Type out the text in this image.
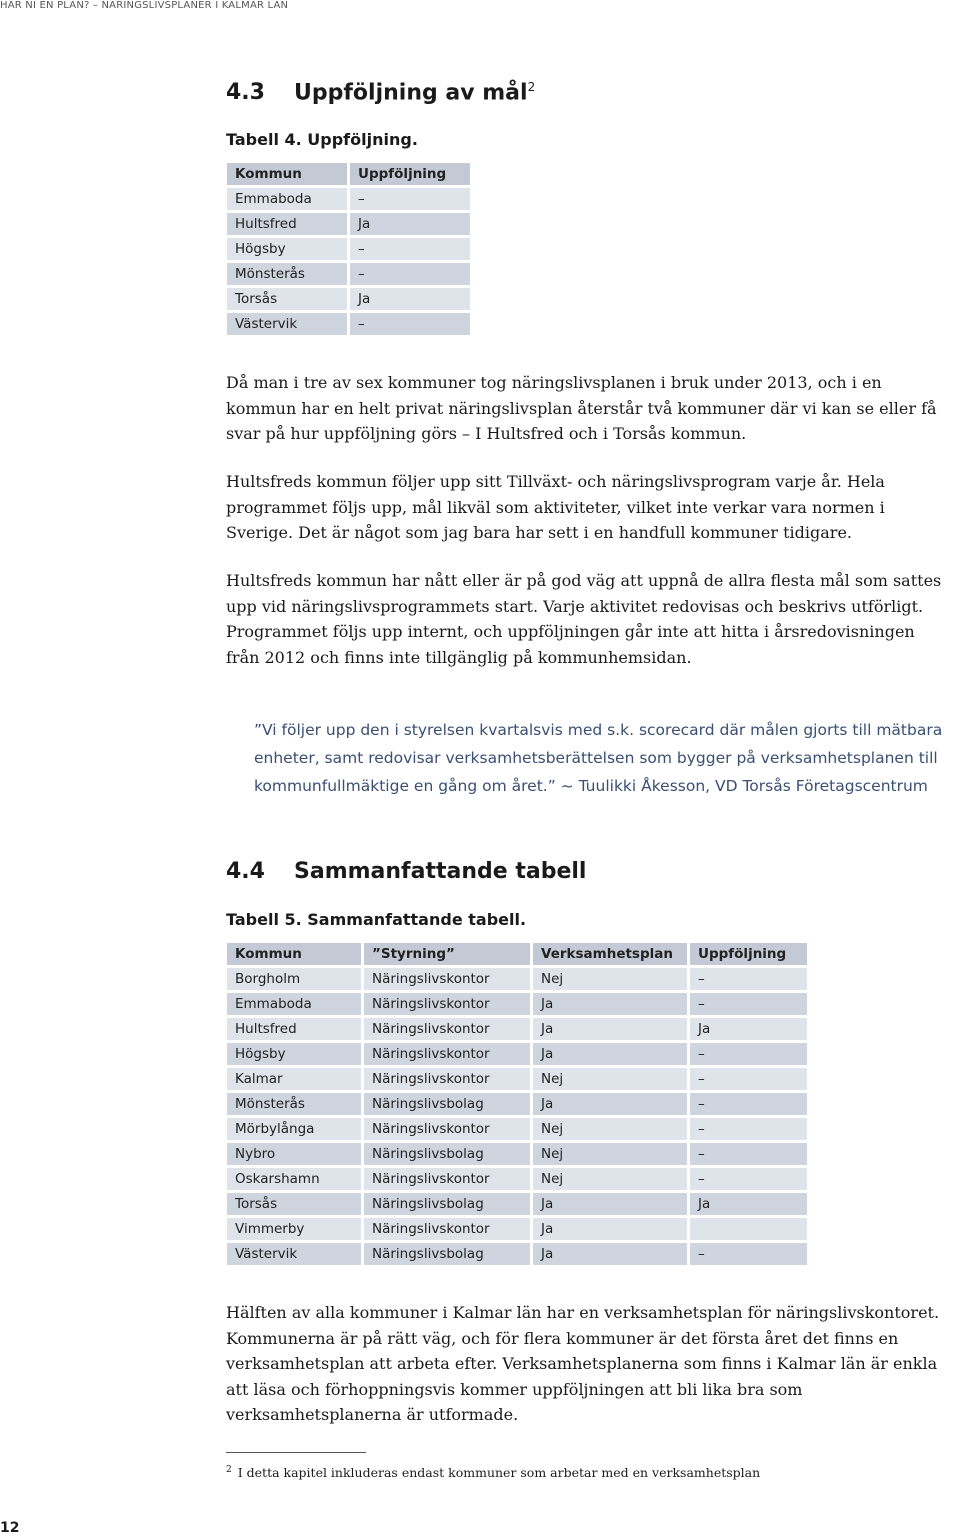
HAR NI EN PLAN? – NÄRINGSLIVSPLANER I KALMAR LÄN
4.3 Uppföljning av mål$^2$
Tabell 4. Uppföljning.
Kommun	Uppföljning
Emmaboda	–
Hultsfred	Ja
Högsby	–
Mönsterås	–
Torsås	Ja
Västervik	–

Då man i tre av sex kommuner tog näringslivsplanen i bruk under 2013, och i en kommun har en helt privat näringslivsplan återstår två kommuner där vi kan se eller få svar på hur uppföljning görs – I Hultsfred och i Torsås kommun.

Hultsfreds kommun följer upp sitt Tillväxt- och näringslivsprogram varje år. Hela programmet följs upp, mål likväl som aktiviteter, vilket inte verkar vara normen i Sverige. Det är något som jag bara har sett i en handfull kommuner tidigare.

Hultsfreds kommun har nått eller är på god väg att uppnå de allra flesta mål som sattes upp vid näringslivsprogrammets start. Varje aktivitet redovisas och beskrivs utförligt. Programmet följs upp internt, och uppföljningen går inte att hitta i årsredovisningen från 2012 och finns inte tillgänglig på kommunhemsidan.

”Vi följer upp den i styrelsen kvartalsvis med s.k. scorecard där målen gjorts till mätbara enheter, samt redovisar verksamhetsberättelsen som bygger på verksamhetsplanen till kommunfullmäktige en gång om året.” ~ Tuulikki Åkesson, VD Torsås Företagscentrum

4.4 Sammanfattande tabell
Tabell 5. Sammanfattande tabell.
Kommun	”Styrning”	Verksamhetsplan	Uppföljning
Borgholm	Näringslivskontor	Nej	–
Emmaboda	Näringslivskontor	Ja	–
Hultsfred	Näringslivskontor	Ja	Ja
Högsby	Näringslivskontor	Ja	–
Kalmar	Näringslivskontor	Nej	–
Mönsterås	Näringslivsbolag	Ja	–
Mörbylånga	Näringslivskontor	Nej	–
Nybro	Näringslivsbolag	Nej	–
Oskarshamn	Näringslivskontor	Nej	–
Torsås	Näringslivsbolag	Ja	Ja
Vimmerby	Näringslivskontor	Ja	
Västervik	Näringslivsbolag	Ja	–

Hälften av alla kommuner i Kalmar län har en verksamhetsplan för näringslivskontoret. Kommunerna är på rätt väg, och för flera kommuner är det första året det finns en verksamhetsplan att arbeta efter. Verksamhetsplanerna som finns i Kalmar län är enkla att läsa och förhoppningsvis kommer uppföljningen att bli lika bra som verksamhetsplanerna är utformade.

$^2$ I detta kapitel inkluderas endast kommuner som arbetar med en verksamhetsplan
12
